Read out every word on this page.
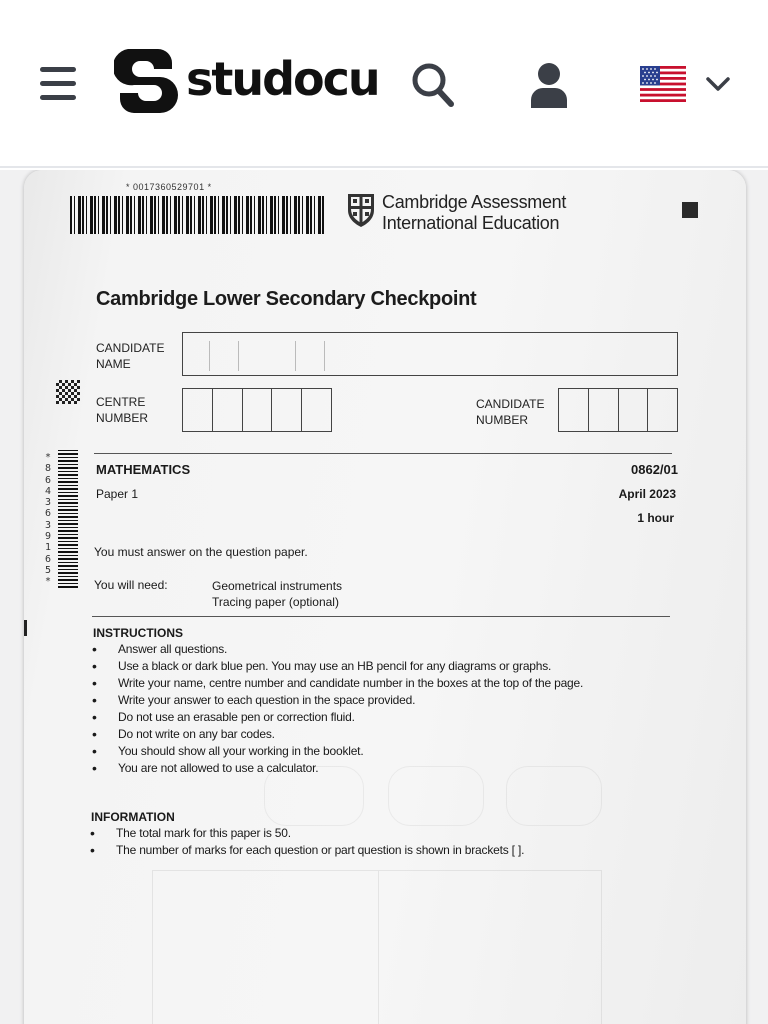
studocu
* 0017360529701 *
Cambridge Assessment
International Education
Cambridge Lower Secondary Checkpoint
CANDIDATE
NAME
CENTRE
NUMBER
CANDIDATE
NUMBER
*
8
6
4
3
6
3
9
1
6
5
*
MATHEMATICS	0862/01
Paper 1	April 2023
1 hour
You must answer on the question paper.
You will need:	Geometrical instruments
Tracing paper (optional)
INSTRUCTIONS
• Answer all questions.
• Use a black or dark blue pen. You may use an HB pencil for any diagrams or graphs.
• Write your name, centre number and candidate number in the boxes at the top of the page.
• Write your answer to each question in the space provided.
• Do not use an erasable pen or correction fluid.
• Do not write on any bar codes.
• You should show all your working in the booklet.
• You are not allowed to use a calculator.
INFORMATION
• The total mark for this paper is 50.
• The number of marks for each question or part question is shown in brackets [ ].
